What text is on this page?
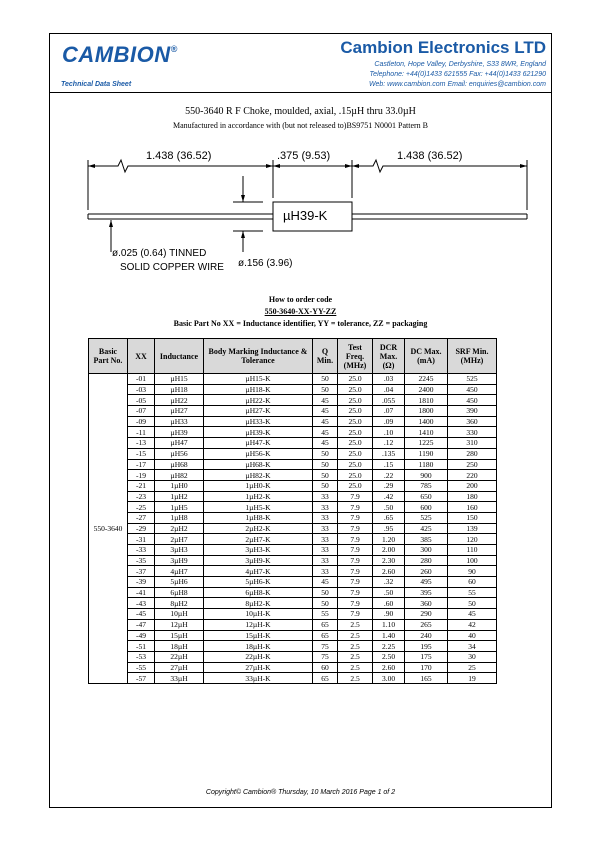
CAMBION®
Technical Data Sheet
Cambion Electronics LTD
Castleton, Hope Valley, Derbyshire, S33 8WR, England
Telephone: +44(0)1433 621555 Fax: +44(0)1433 621290
Web: www.cambion.com Email: enquiries@cambion.com
550-3640 R F Choke, moulded, axial, .15µH thru 33.0µH
Manufactured in accordance with (but not released to)BS9751 N0001 Pattern B
1.438 (36.52)	.375 (9.53)	1.438 (36.52)
µH39-K
ø.025 (0.64) TINNED
SOLID COPPER WIRE ø.156 (3.96)
How to order code
550-3640-XX-YY-ZZ
Basic Part No XX = Inductance identifier, YY = tolerance, ZZ = packaging
Basic Part No.	XX	Inductance	Body Marking Inductance & Tolerance	Q Min.	Test Freq. (MHz)	DCR Max. (Ω)	DC Max. (mA)	SRF Min. (MHz)
550-3640	-01	µH15	µH15-K	50	25.0	.03	2245	525
	-03	µH18	µH18-K	50	25.0	.04	2400	450
	-05	µH22	µH22-K	45	25.0	.055	1810	450
	-07	µH27	µH27-K	45	25.0	.07	1800	390
	-09	µH33	µH33-K	45	25.0	.09	1400	360
	-11	µH39	µH39-K	45	25.0	.10	1410	330
	-13	µH47	µH47-K	45	25.0	.12	1225	310
	-15	µH56	µH56-K	50	25.0	.135	1190	280
	-17	µH68	µH68-K	50	25.0	.15	1180	250
	-19	µH82	µH82-K	50	25.0	.22	900	220
	-21	1µH0	1µH0-K	50	25.0	.29	785	200
	-23	1µH2	1µH2-K	33	7.9	.42	650	180
	-25	1µH5	1µH5-K	33	7.9	.50	600	160
	-27	1µH8	1µH8-K	33	7.9	.65	525	150
	-29	2µH2	2µH2-K	33	7.9	.95	425	139
	-31	2µH7	2µH7-K	33	7.9	1.20	385	120
	-33	3µH3	3µH3-K	33	7.9	2.00	300	110
	-35	3µH9	3µH9-K	33	7.9	2.30	280	100
	-37	4µH7	4µH7-K	33	7.9	2.60	260	90
	-39	5µH6	5µH6-K	45	7.9	.32	495	60
	-41	6µH8	6µH8-K	50	7.9	.50	395	55
	-43	8µH2	8µH2-K	50	7.9	.60	360	50
	-45	10µH	10µH-K	55	7.9	.90	290	45
	-47	12µH	12µH-K	65	2.5	1.10	265	42
	-49	15µH	15µH-K	65	2.5	1.40	240	40
	-51	18µH	18µH-K	75	2.5	2.25	195	34
	-53	22µH	22µH-K	75	2.5	2.50	175	30
	-55	27µH	27µH-K	60	2.5	2.60	170	25
	-57	33µH	33µH-K	65	2.5	3.00	165	19
Copyright© Cambion® Thursday, 10 March 2016 Page 1 of 2
